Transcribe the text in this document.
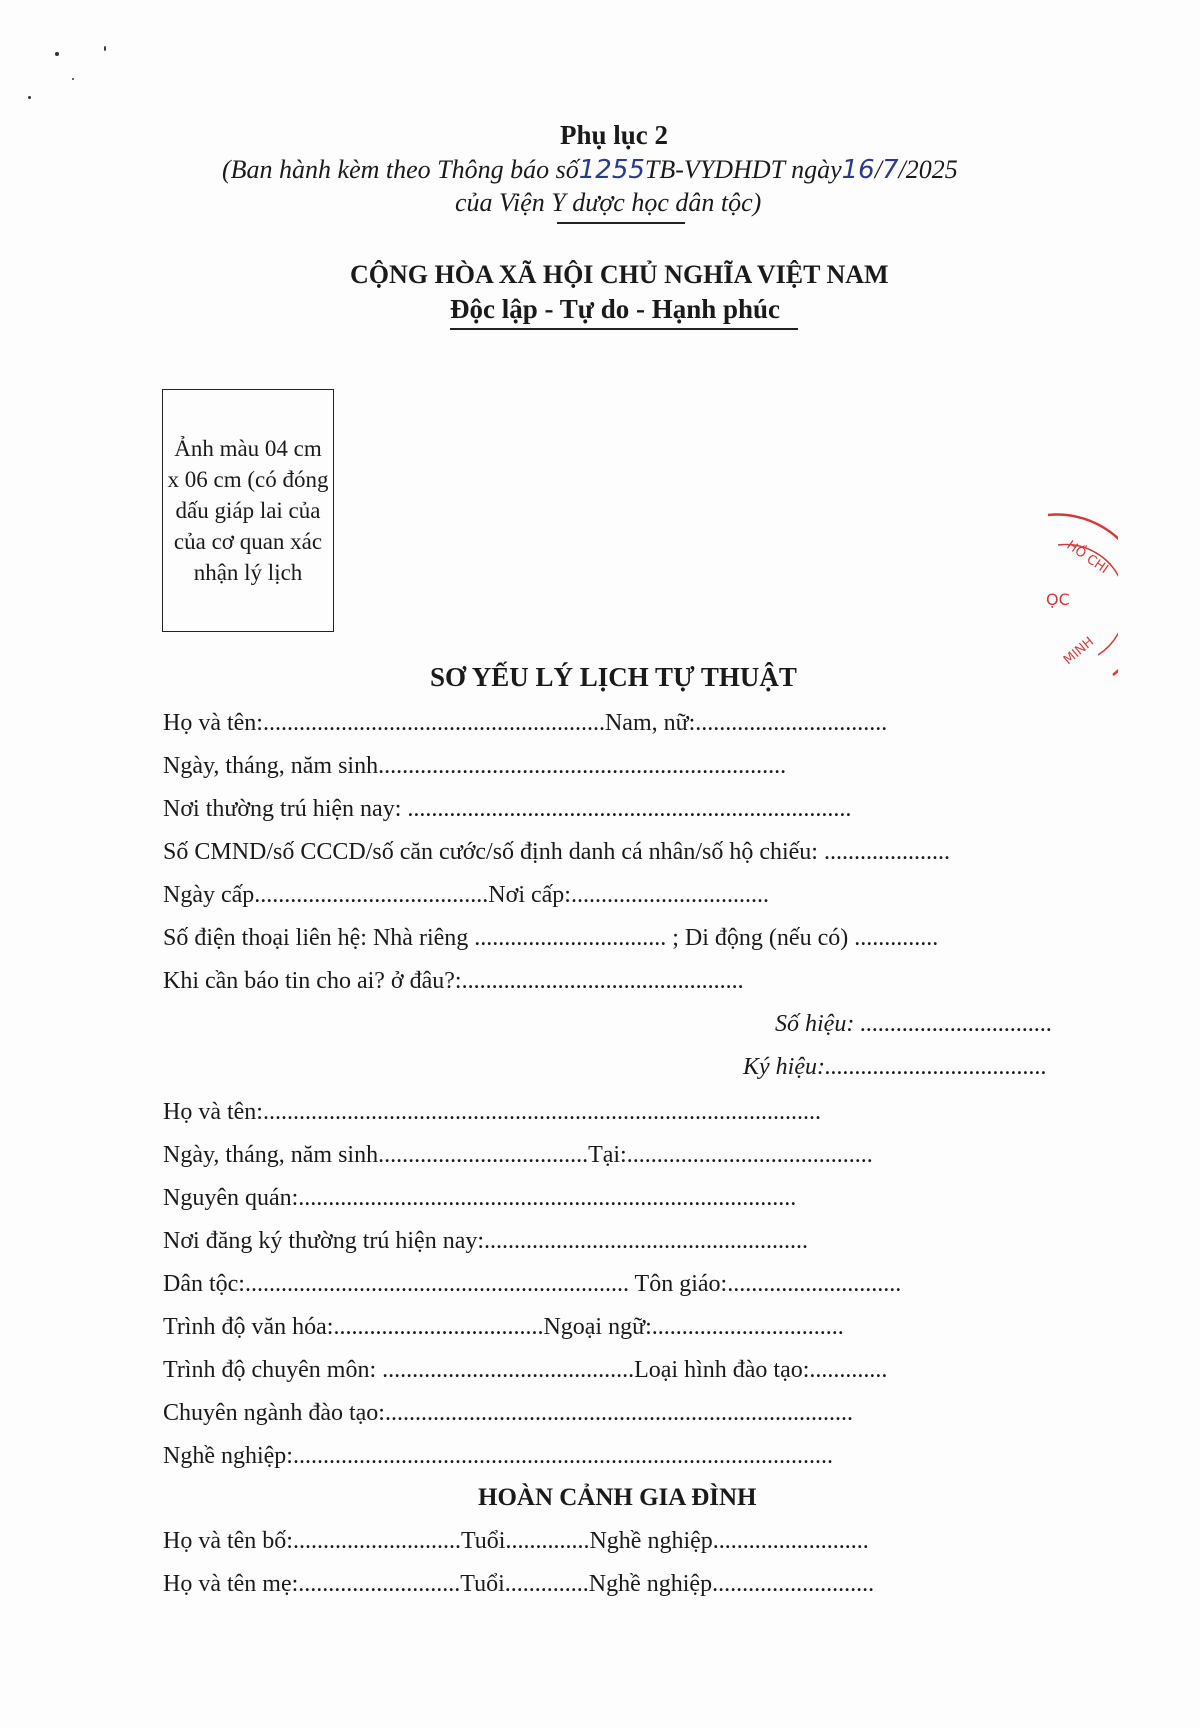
Phụ lục 2
(Ban hành kèm theo Thông báo số1255TB-VYDHDT ngày16/7/2025
của Viện Y dược học dân tộc)
CỘNG HÒA XÃ HỘI CHỦ NGHĨA VIỆT NAM
Độc lập - Tự do - Hạnh phúc
Ảnh màu 04 cm x 06 cm (có đóng dấu giáp lai của của cơ quan xác nhận lý lịch	HỒ CHÍ
ỌC
MINH
SƠ YẾU LÝ LỊCH TỰ THUẬT
Họ và tên:.........................................................Nam, nữ:................................
Ngày, tháng, năm sinh....................................................................
Nơi thường trú hiện nay: ..........................................................................
Số CMND/số CCCD/số căn cước/số định danh cá nhân/số hộ chiếu: .....................
Ngày cấp.......................................Nơi cấp:.................................
Số điện thoại liên hệ: Nhà riêng ................................ ; Di động (nếu có) ..............
Khi cần báo tin cho ai? ở đâu?:...............................................
Số hiệu: ................................
Ký hiệu:.....................................
Họ và tên:.............................................................................................
Ngày, tháng, năm sinh...................................Tại:.........................................
Nguyên quán:...................................................................................
Nơi đăng ký thường trú hiện nay:......................................................
Dân tộc:................................................................ Tôn giáo:.............................
Trình độ văn hóa:...................................Ngoại ngữ:................................
Trình độ chuyên môn: ..........................................Loại hình đào tạo:.............
Chuyên ngành đào tạo:..............................................................................
Nghề nghiệp:..........................................................................................
HOÀN CẢNH GIA ĐÌNH
Họ và tên bố:............................Tuổi..............Nghề nghiệp..........................
Họ và tên mẹ:...........................Tuổi..............Nghề nghiệp...........................
